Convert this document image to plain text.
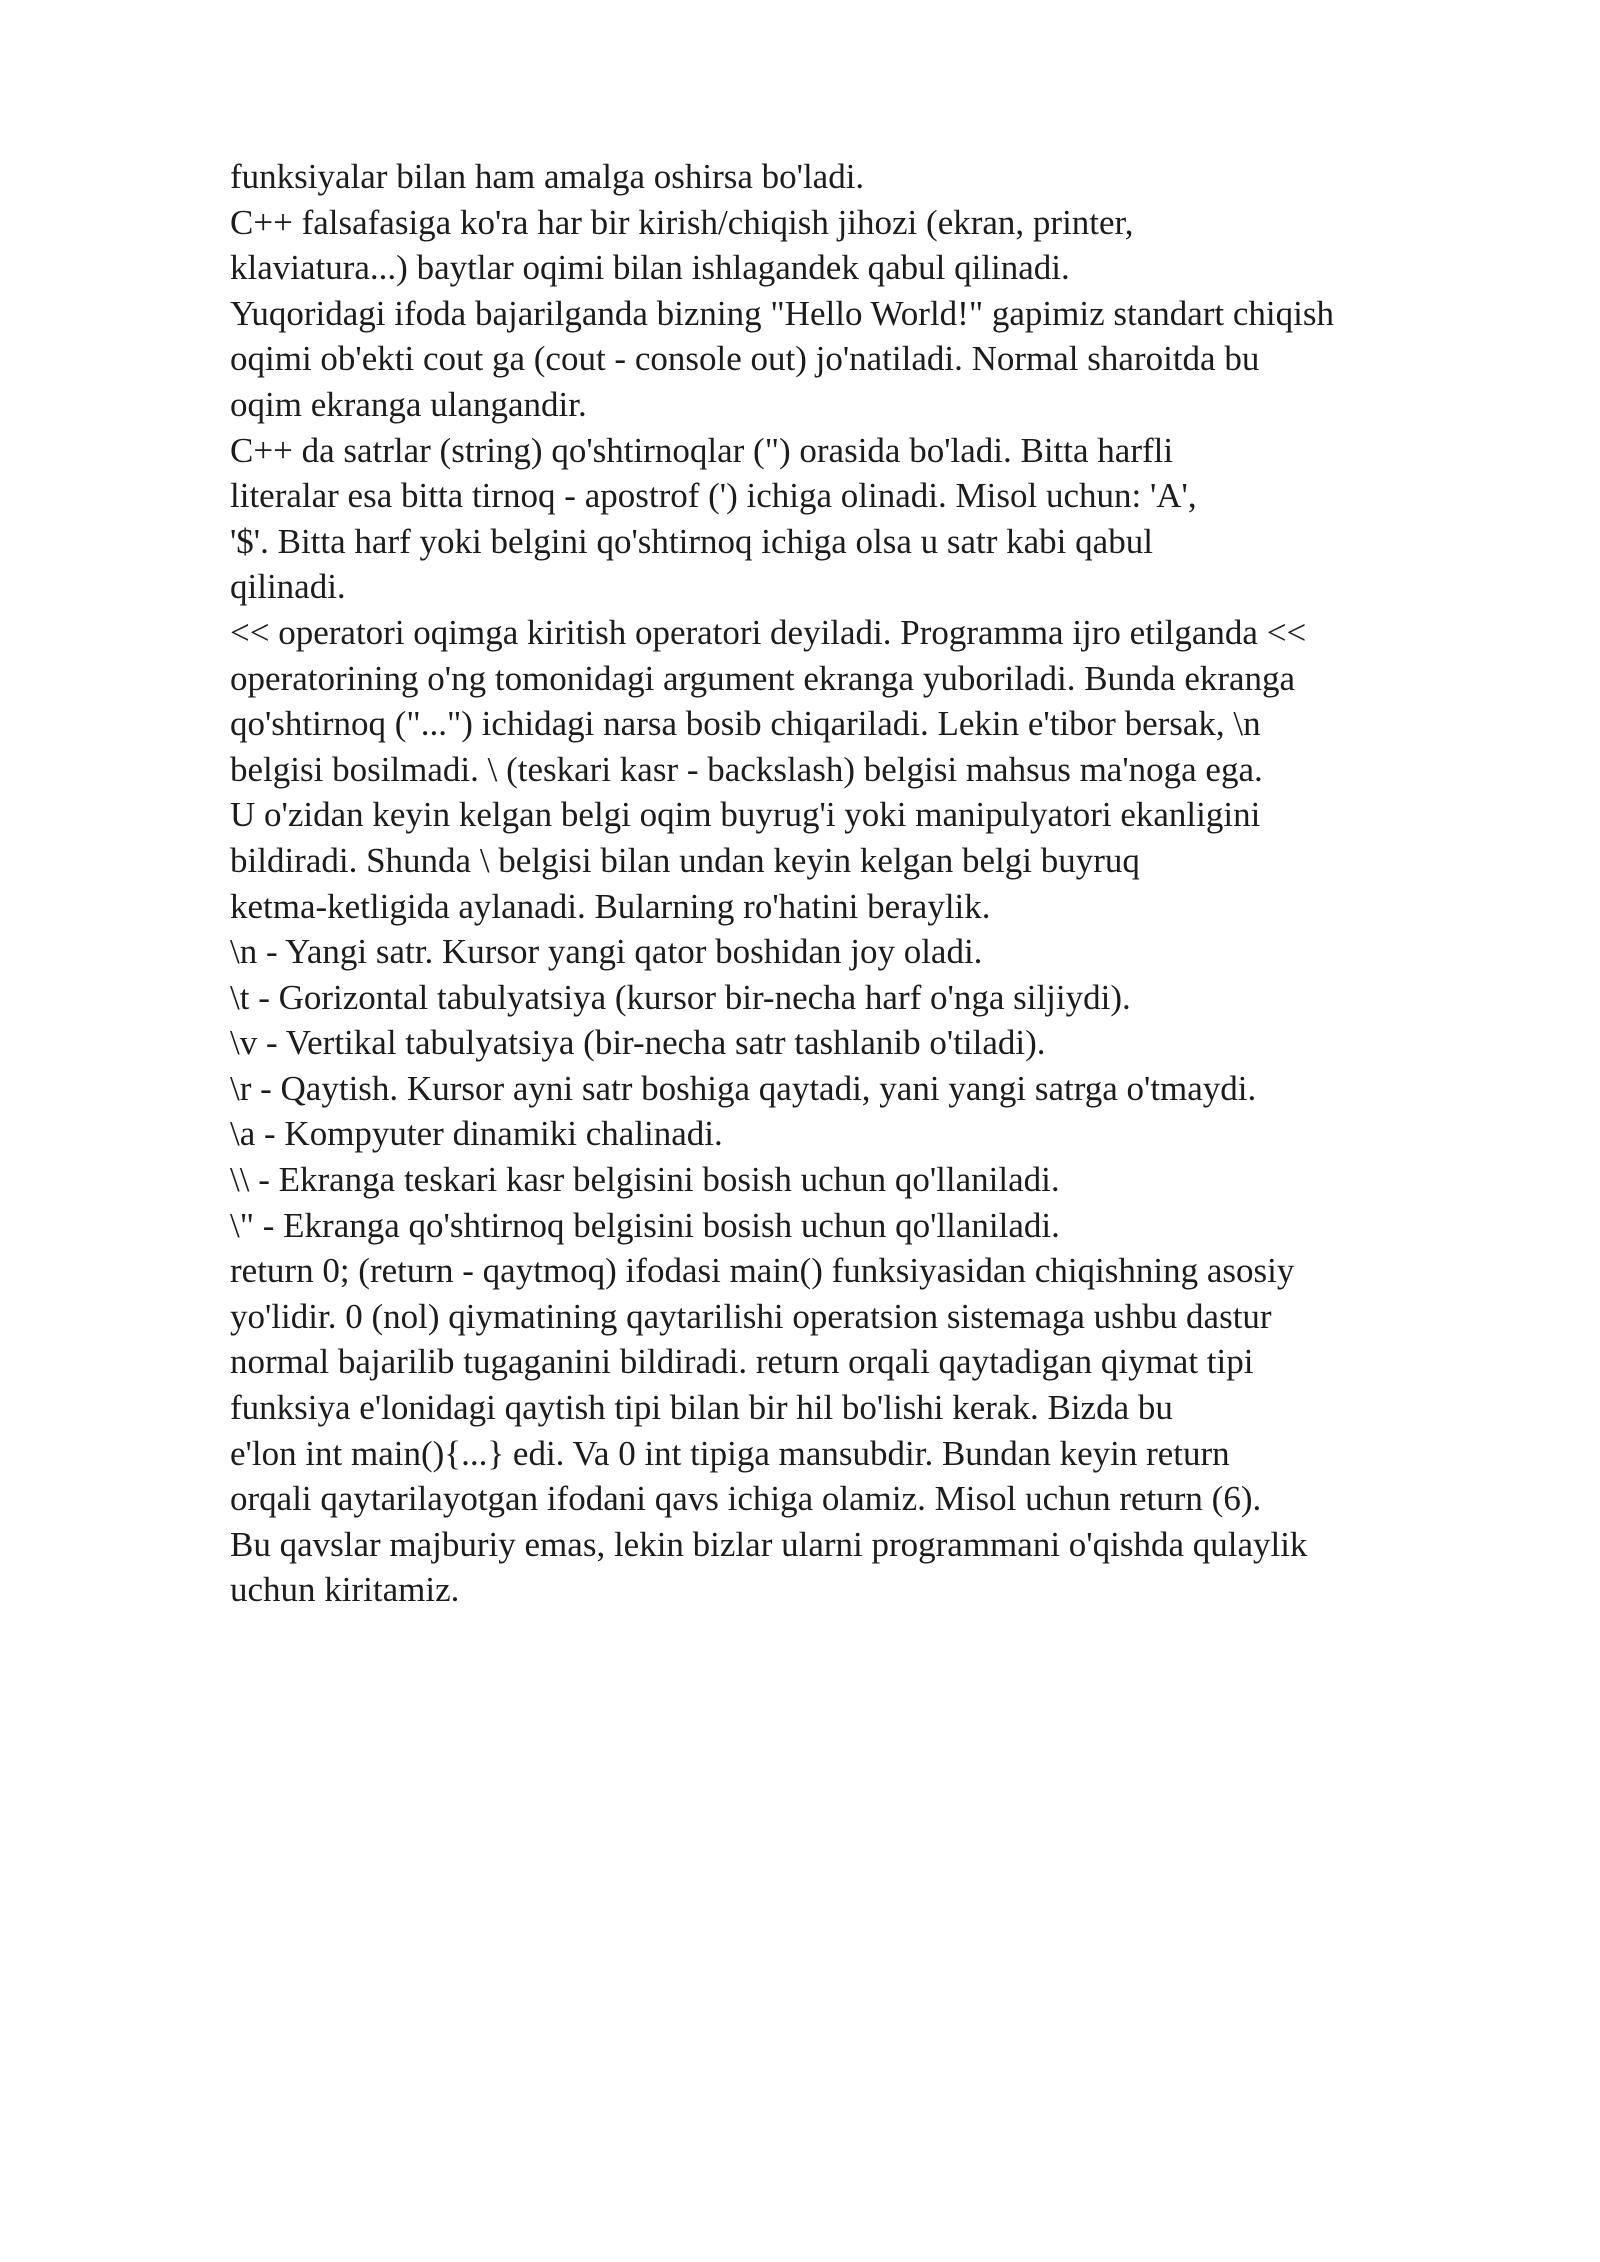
funksiyalar bilan ham amalga oshirsa bo'ladi.
C++ falsafasiga ko'ra har bir kirish/chiqish jihozi (ekran, printer,
klaviatura...) baytlar oqimi bilan ishlagandek qabul qilinadi.
Yuqoridagi ifoda bajarilganda bizning "Hello World!" gapimiz standart chiqish
oqimi ob'ekti cout ga (cout - console out) jo'natiladi. Normal sharoitda bu
oqim ekranga ulangandir.
C++ da satrlar (string) qo'shtirnoqlar (") orasida bo'ladi. Bitta harfli
literalar esa bitta tirnoq - apostrof (') ichiga olinadi. Misol uchun: 'A',
'$'. Bitta harf yoki belgini qo'shtirnoq ichiga olsa u satr kabi qabul
qilinadi.
<< operatori oqimga kiritish operatori deyiladi. Programma ijro etilganda <<
operatorining o'ng tomonidagi argument ekranga yuboriladi. Bunda ekranga
qo'shtirnoq ("...") ichidagi narsa bosib chiqariladi. Lekin e'tibor bersak, \n
belgisi bosilmadi. \ (teskari kasr - backslash) belgisi mahsus ma'noga ega.
U o'zidan keyin kelgan belgi oqim buyrug'i yoki manipulyatori ekanligini
bildiradi. Shunda \ belgisi bilan undan keyin kelgan belgi buyruq
ketma-ketligida aylanadi. Bularning ro'hatini beraylik.
\n - Yangi satr. Kursor yangi qator boshidan joy oladi.
\t - Gorizontal tabulyatsiya (kursor bir-necha harf o'nga siljiydi).
\v - Vertikal tabulyatsiya (bir-necha satr tashlanib o'tiladi).
\r - Qaytish. Kursor ayni satr boshiga qaytadi, yani yangi satrga o'tmaydi.
\a - Kompyuter dinamiki chalinadi.
\\ - Ekranga teskari kasr belgisini bosish uchun qo'llaniladi.
\" - Ekranga qo'shtirnoq belgisini bosish uchun qo'llaniladi.
return 0; (return - qaytmoq) ifodasi main() funksiyasidan chiqishning asosiy
yo'lidir. 0 (nol) qiymatining qaytarilishi operatsion sistemaga ushbu dastur
normal bajarilib tugaganini bildiradi. return orqali qaytadigan qiymat tipi
funksiya e'lonidagi qaytish tipi bilan bir hil bo'lishi kerak. Bizda bu
e'lon int main(){...} edi. Va 0 int tipiga mansubdir. Bundan keyin return
orqali qaytarilayotgan ifodani qavs ichiga olamiz. Misol uchun return (6).
Bu qavslar majburiy emas, lekin bizlar ularni programmani o'qishda qulaylik
uchun kiritamiz.
